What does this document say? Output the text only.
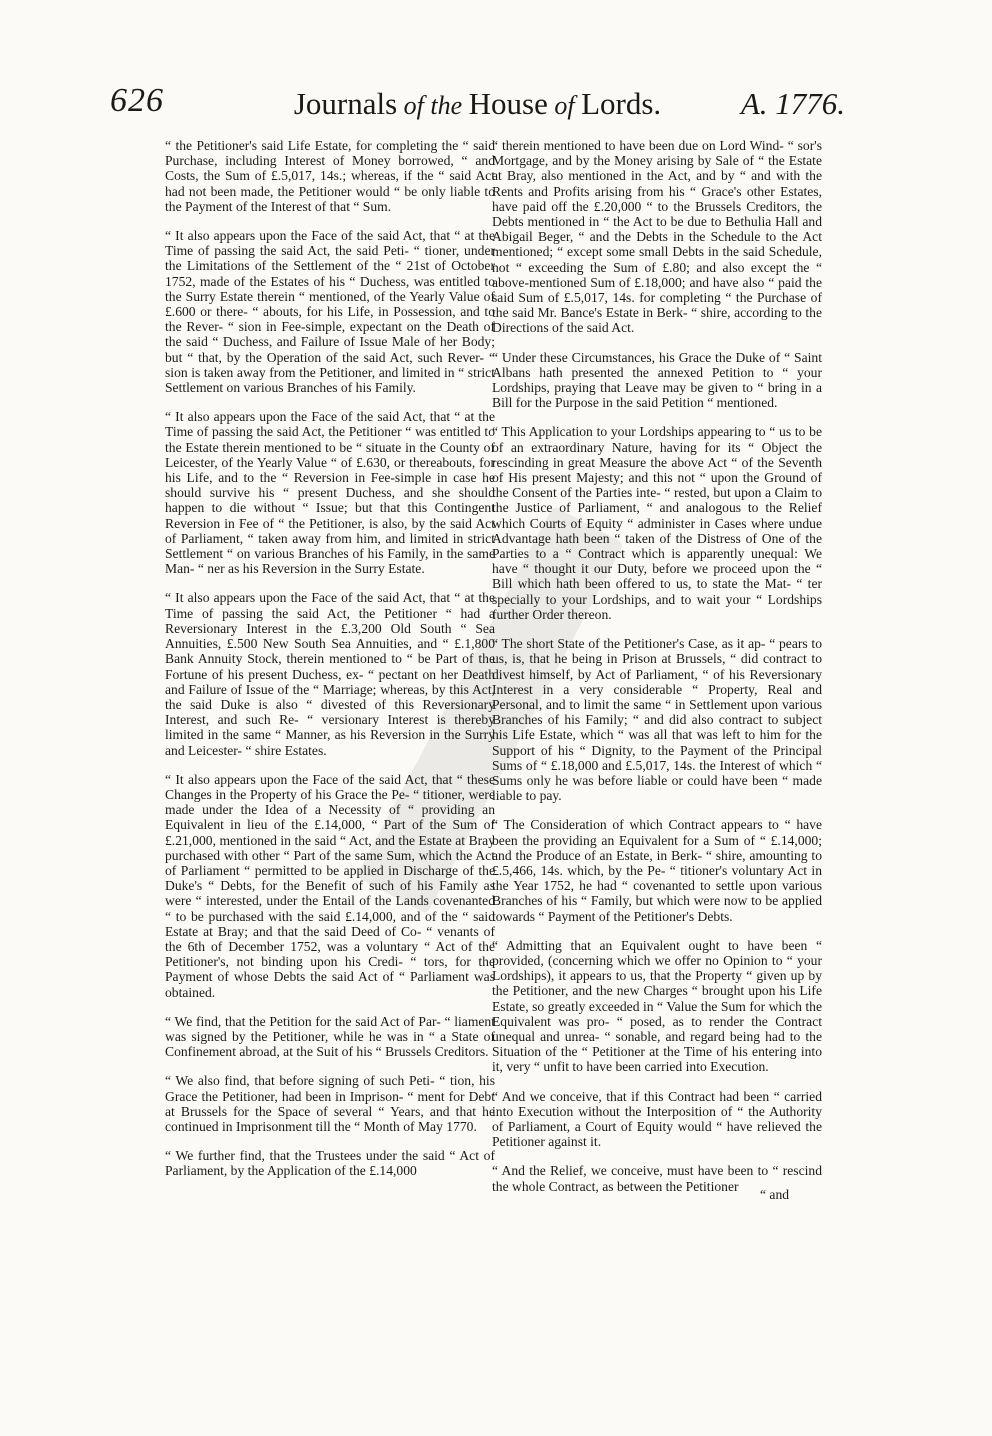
626	Journals of the House of Lords.	A. 1776.

“ the Petitioner's said Life Estate, for completing the “ said Purchase, including Interest of Money borrowed, “ and Costs, the Sum of £.5,017, 14s.; whereas, if the “ said Act had not been made, the Petitioner would “ be only liable to the Payment of the Interest of that “ Sum.

“ It also appears upon the Face of the said Act, that “ at the Time of passing the said Act, the said Peti- “ tioner, under the Limitations of the Settlement of the “ 21st of October 1752, made of the Estates of his “ Duchess, was entitled to the Surry Estate therein “ mentioned, of the Yearly Value of £.600 or there- “ abouts, for his Life, in Possession, and to the Rever- “ sion in Fee-simple, expectant on the Death of the said “ Duchess, and Failure of Issue Male of her Body; but “ that, by the Operation of the said Act, such Rever- “ sion is taken away from the Petitioner, and limited in “ strict Settlement on various Branches of his Family.

“ It also appears upon the Face of the said Act, that “ at the Time of passing the said Act, the Petitioner “ was entitled to the Estate therein mentioned to be “ situate in the County of Leicester, of the Yearly Value “ of £.630, or thereabouts, for his Life, and to the “ Reversion in Fee-simple in case he should survive his “ present Duchess, and she should happen to die without “ Issue; but that this Contingent Reversion in Fee of “ the Petitioner, is also, by the said Act of Parliament, “ taken away from him, and limited in strict Settlement “ on various Branches of his Family, in the same Man- “ ner as his Reversion in the Surry Estate.

“ It also appears upon the Face of the said Act, that “ at the Time of passing the said Act, the Petitioner “ had a Reversionary Interest in the £.3,200 Old South “ Sea Annuities, £.500 New South Sea Annuities, and “ £.1,800 Bank Annuity Stock, therein mentioned to “ be Part of the Fortune of his present Duchess, ex- “ pectant on her Death and Failure of Issue of the “ Marriage; whereas, by this Act, the said Duke is also “ divested of this Reversionary Interest, and such Re- “ versionary Interest is thereby limited in the same “ Manner, as his Reversion in the Surry and Leicester- “ shire Estates.

“ It also appears upon the Face of the said Act, that “ these Changes in the Property of his Grace the Pe- “ titioner, were made under the Idea of a Necessity of “ providing an Equivalent in lieu of the £.14,000, “ Part of the Sum of £.21,000, mentioned in the said “ Act, and the Estate at Bray purchased with other “ Part of the same Sum, which the Act of Parliament “ permitted to be applied in Discharge of the Duke's “ Debts, for the Benefit of such of his Family as were “ interested, under the Entail of the Lands covenanted “ to be purchased with the said £.14,000, and of the “ said Estate at Bray; and that the said Deed of Co- “ venants of the 6th of December 1752, was a voluntary “ Act of the Petitioner's, not binding upon his Credi- “ tors, for the Payment of whose Debts the said Act of “ Parliament was obtained.

“ We find, that the Petition for the said Act of Par- “ liament was signed by the Petitioner, while he was in “ a State of Confinement abroad, at the Suit of his “ Brussels Creditors.

“ We also find, that before signing of such Peti- “ tion, his Grace the Petitioner, had been in Imprison- “ ment for Debt at Brussels for the Space of several “ Years, and that he continued in Imprisonment till the “ Month of May 1770.

“ We further find, that the Trustees under the said “ Act of Parliament, by the Application of the £.14,000

“ therein mentioned to have been due on Lord Wind- “ sor's Mortgage, and by the Money arising by Sale of “ the Estate at Bray, also mentioned in the Act, and by “ and with the Rents and Profits arising from his “ Grace's other Estates, have paid off the £.20,000 “ to the Brussels Creditors, the Debts mentioned in “ the Act to be due to Bethulia Hall and Abigail Beger, “ and the Debts in the Schedule to the Act mentioned; “ except some small Debts in the said Schedule, not “ exceeding the Sum of £.80; and also except the “ above-mentioned Sum of £.18,000; and have also “ paid the said Sum of £.5,017, 14s. for completing “ the Purchase of the said Mr. Bance's Estate in Berk- “ shire, according to the Directions of the said Act.

“ Under these Circumstances, his Grace the Duke of “ Saint Albans hath presented the annexed Petition to “ your Lordships, praying that Leave may be given to “ bring in a Bill for the Purpose in the said Petition “ mentioned.

“ This Application to your Lordships appearing to “ us to be of an extraordinary Nature, having for its “ Object the rescinding in great Measure the above Act “ of the Seventh of His present Majesty; and this not “ upon the Ground of the Consent of the Parties inte- “ rested, but upon a Claim to the Justice of Parliament, “ and analogous to the Relief which Courts of Equity “ administer in Cases where undue Advantage hath been “ taken of the Distress of One of the Parties to a “ Contract which is apparently unequal: We have “ thought it our Duty, before we proceed upon the “ Bill which hath been offered to us, to state the Mat- “ ter specially to your Lordships, and to wait your “ Lordships further Order thereon.

“ The short State of the Petitioner's Case, as it ap- “ pears to us, is, that he being in Prison at Brussels, “ did contract to divest himself, by Act of Parliament, “ of his Reversionary Interest in a very considerable “ Property, Real and Personal, and to limit the same “ in Settlement upon various Branches of his Family; “ and did also contract to subject his Life Estate, which “ was all that was left to him for the Support of his “ Dignity, to the Payment of the Principal Sums of “ £.18,000 and £.5,017, 14s. the Interest of which “ Sums only he was before liable or could have been “ made liable to pay.

“ The Consideration of which Contract appears to “ have been the providing an Equivalent for a Sum of “ £.14,000; and the Produce of an Estate, in Berk- “ shire, amounting to £.5,466, 14s. which, by the Pe- “ titioner's voluntary Act in the Year 1752, he had “ covenanted to settle upon various Branches of his “ Family, but which were now to be applied towards “ Payment of the Petitioner's Debts.

“ Admitting that an Equivalent ought to have been “ provided, (concerning which we offer no Opinion to “ your Lordships), it appears to us, that the Property “ given up by the Petitioner, and the new Charges “ brought upon his Life Estate, so greatly exceeded in “ Value the Sum for which the Equivalent was pro- “ posed, as to render the Contract unequal and unrea- “ sonable, and regard being had to the Situation of the “ Petitioner at the Time of his entering into it, very “ unfit to have been carried into Execution.

“ And we conceive, that if this Contract had been “ carried into Execution without the Interposition of “ the Authority of Parliament, a Court of Equity would “ have relieved the Petitioner against it.

“ And the Relief, we conceive, must have been to “ rescind the whole Contract, as between the Petitioner

“ and
